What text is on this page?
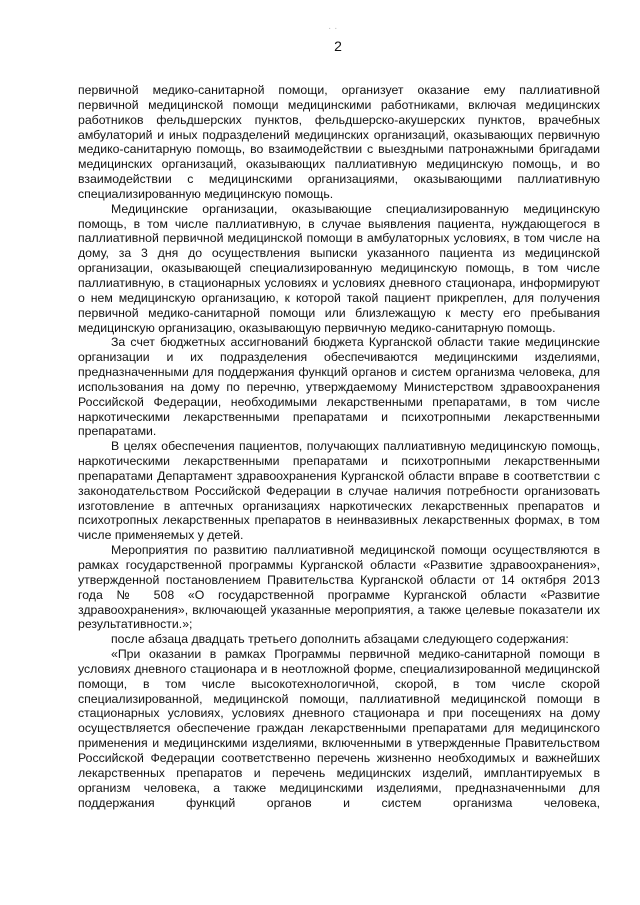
· ·
2

первичной медико-санитарной помощи, организует оказание ему паллиативной первичной медицинской помощи медицинскими работниками, включая медицинских работников фельдшерских пунктов, фельдшерско-акушерских пунктов, врачебных амбулаторий и иных подразделений медицинских организаций, оказывающих первичную медико-санитарную помощь, во взаимодействии с выездными патронажными бригадами медицинских организаций, оказывающих паллиативную медицинскую помощь, и во взаимодействии с медицинскими организациями, оказывающими паллиативную специализированную медицинскую помощь.

Медицинские организации, оказывающие специализированную медицинскую помощь, в том числе паллиативную, в случае выявления пациента, нуждающегося в паллиативной первичной медицинской помощи в амбулаторных условиях, в том числе на дому, за 3 дня до осуществления выписки указанного пациента из медицинской организации, оказывающей специализированную медицинскую помощь, в том числе паллиативную, в стационарных условиях и условиях дневного стационара, информируют о нем медицинскую организацию, к которой такой пациент прикреплен, для получения первичной медико-санитарной помощи или близлежащую к месту его пребывания медицинскую организацию, оказывающую первичную медико-санитарную помощь.

За счет бюджетных ассигнований бюджета Курганской области такие медицинские организации и их подразделения обеспечиваются медицинскими изделиями, предназначенными для поддержания функций органов и систем организма человека, для использования на дому по перечню, утверждаемому Министерством здравоохранения Российской Федерации, необходимыми лекарственными препаратами, в том числе наркотическими лекарственными препаратами и психотропными лекарственными препаратами.

В целях обеспечения пациентов, получающих паллиативную медицинскую помощь, наркотическими лекарственными препаратами и психотропными лекарственными препаратами Департамент здравоохранения Курганской области вправе в соответствии с законодательством Российской Федерации в случае наличия потребности организовать изготовление в аптечных организациях наркотических лекарственных препаратов и психотропных лекарственных препаратов в неинвазивных лекарственных формах, в том числе применяемых у детей.

Мероприятия по развитию паллиативной медицинской помощи осуществляются в рамках государственной программы Курганской области «Развитие здравоохранения», утвержденной постановлением Правительства Курганской области от 14 октября 2013 года № 508 «О государственной программе Курганской области «Развитие здравоохранения», включающей указанные мероприятия, а также целевые показатели их результативности.»;

после абзаца двадцать третьего дополнить абзацами следующего содержания:

«При оказании в рамках Программы первичной медико-санитарной помощи в условиях дневного стационара и в неотложной форме, специализированной медицинской помощи, в том числе высокотехнологичной, скорой, в том числе скорой специализированной, медицинской помощи, паллиативной медицинской помощи в стационарных условиях, условиях дневного стационара и при посещениях на дому осуществляется обеспечение граждан лекарственными препаратами для медицинского применения и медицинскими изделиями, включенными в утвержденные Правительством Российской Федерации соответственно перечень жизненно необходимых и важнейших лекарственных препаратов и перечень медицинских изделий, имплантируемых в организм человека, а также медицинскими изделиями, предназначенными для поддержания функций органов и систем организма человека,
